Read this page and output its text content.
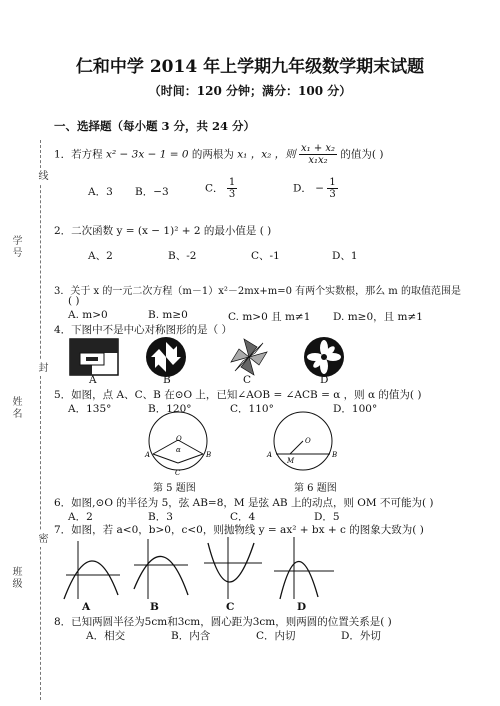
线
学号
封
姓名
密
班级
仁和中学 2014 年上学期九年级数学期末试题
（时间：120 分钟；满分：100 分）
一、选择题（每小题 3 分，共 24 分）
1．若方程 x² − 3x − 1 = 0 的两根为 x₁ ，x₂ ，则 $\frac{\text{x₁ + x₂}}{\text{x₁x₂}}$ 的值为( )
A．3 B．−3	C． $\frac{1}{3}$	D． − $\frac{1}{3}$
2．二次函数 y = (x − 1)² + 2 的最小值是 ( )
A、2	B、-2	C、-1	D、1
3．关于 x 的一元二次方程（m－1）x²－2mx+m=0 有两个实数根，那么 m 的取值范围是
( )
A. m>0	B. m≥0	C. m>0 且 m≠1 D. m≥0，且 m≠1
4．下图中不是中心对称图形的是（ ）
A	B	C	D
5．如图，点 A、C、B 在⊙O 上，已知∠AOB = ∠ACB = α ，则 α 的值为( )
A．135°	B．120°	C．110°	D．100°
O
α
A	B
C
第 5 题图
O
A
M
B
第 6 题图
6．如图,⊙O 的半径为 5，弦 AB=8，M 是弦 AB 上的动点，则 OM 不可能为( )
A．2	B．3	C．4	D．5
7．如图，若 a<0，b>0，c<0，则抛物线 y = ax² + bx + c 的图象大致为( )
A	B	C	D
8．已知两圆半径为5cm和3cm，圆心距为3cm，则两圆的位置关系是( )
A．相交	B．内含	C．内切	D．外切
